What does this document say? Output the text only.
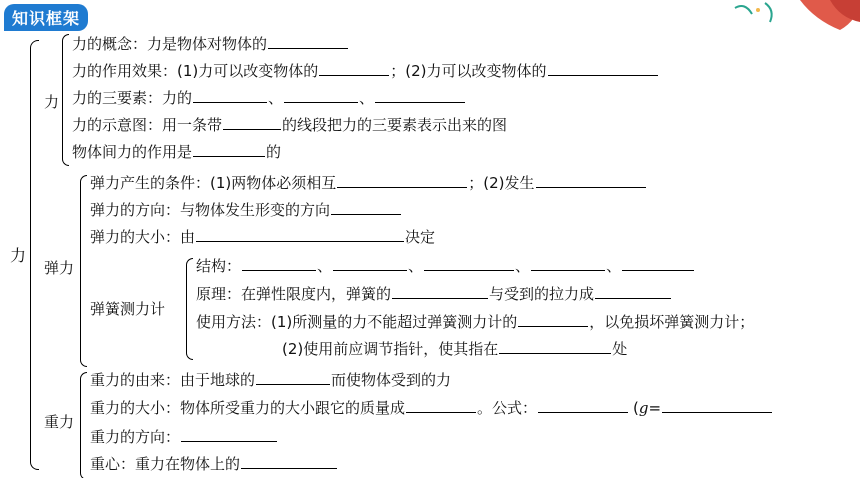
知识框架
力
力
力的概念：力是物体对物体的
力的作用效果：(1)力可以改变物体的	；(2)力可以改变物体的
力的三要素：力的	、	、
力的示意图：用一条带	的线段把力的三要素表示出来的图
物体间力的作用是	的
弹力
弹力产生的条件：(1)两物体必须相互	；(2)发生
弹力的方向：与物体发生形变的方向
弹力的大小：由	决定
弹簧测力计
结构：	、	、	、	、
原理：在弹性限度内，弹簧的	与受到的拉力成
使用方法：(1)所测量的力不能超过弹簧测力计的	，以免损坏弹簧测力计；
(2)使用前应调节指针，使其指在	处
重力
重力的由来：由于地球的	而使物体受到的力
重力的大小：物体所受重力的大小跟它的质量成	。公式：	(g=
重力的方向：
重心：重力在物体上的
